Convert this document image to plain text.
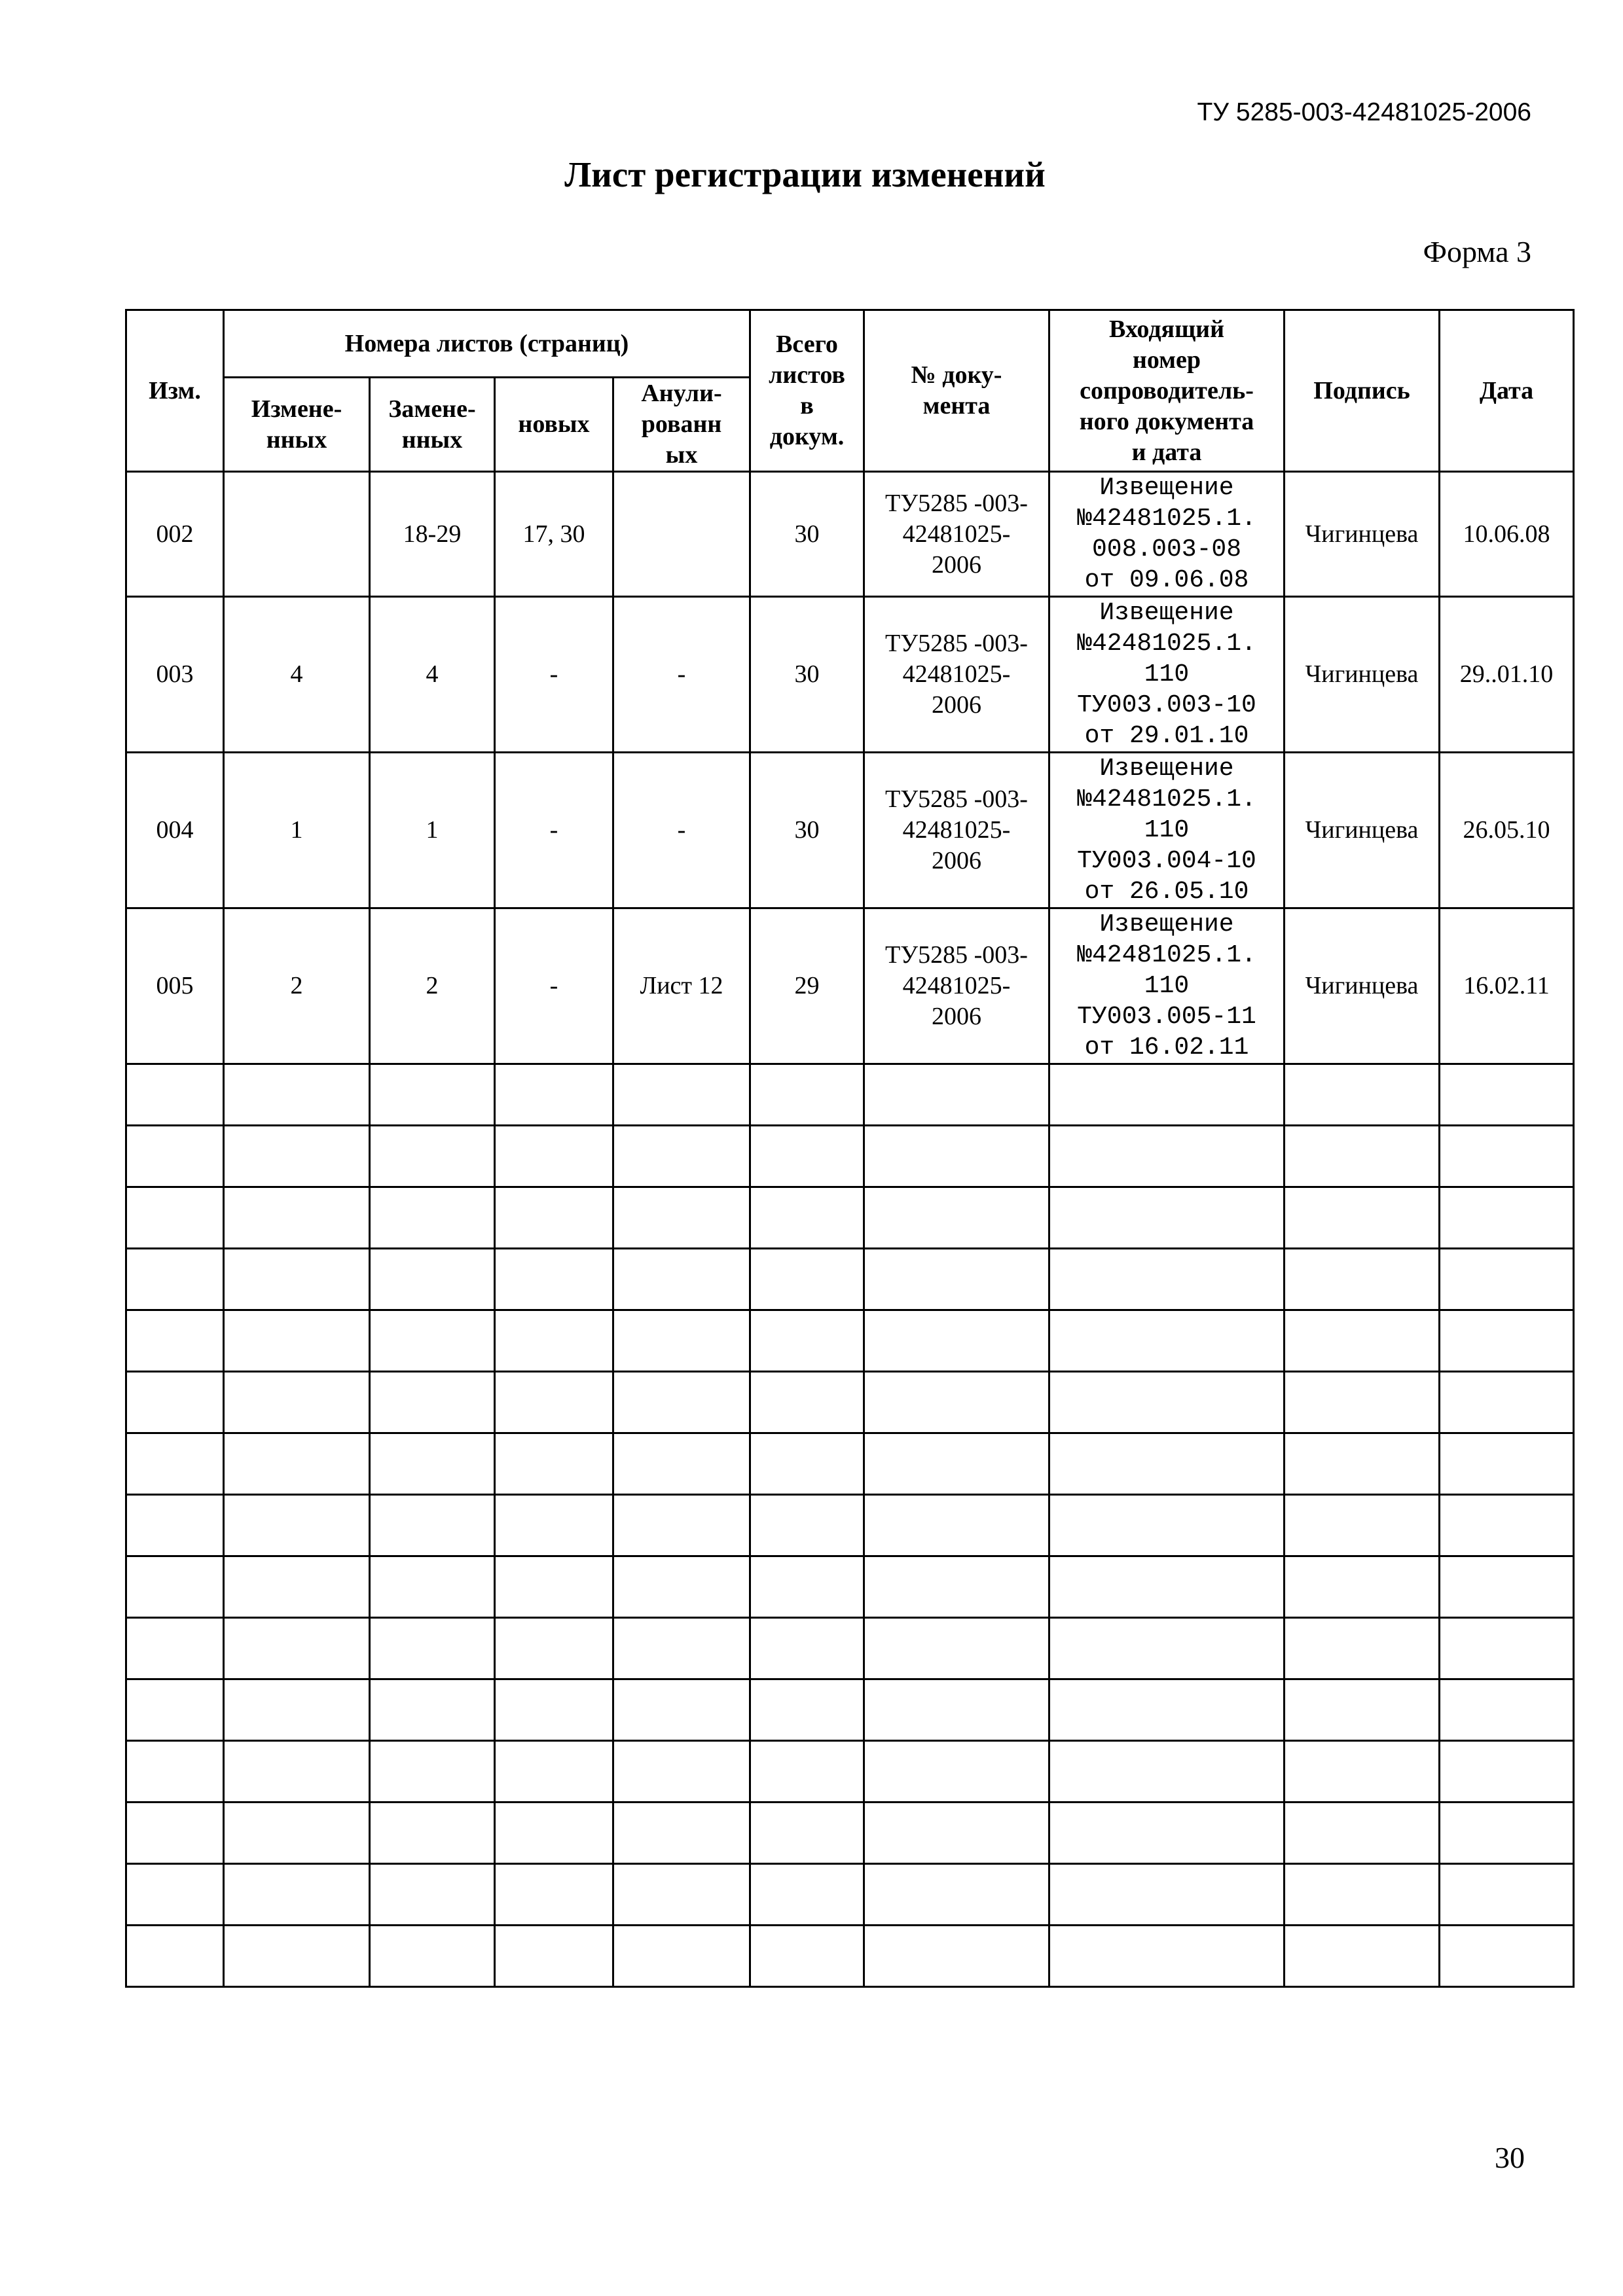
ТУ 5285-003-42481025-2006
Лист регистрации изменений
Форма 3
Изм.	Номера листов (страниц)				Всего
листов
в
докум.	№ доку-
мента	Входящий
номер
сопроводитель-
ного документа
и дата	Подпись	Дата
	Измене-
нных	Замене-
нных	новых	Анули-
рованн
ых					
002		18-29	17, 30		30	ТУ5285 -003-
42481025-
2006	Извещение
№42481025.1.
008.003-08
от 09.06.08	Чигинцева	10.06.08
003	4	4	-	-	30	ТУ5285 -003-
42481025-
2006	Извещение
№42481025.1.
110
ТУ003.003-10
от 29.01.10	Чигинцева	29..01.10
004	1	1	-	-	30	ТУ5285 -003-
42481025-
2006	Извещение
№42481025.1.
110
ТУ003.004-10
от 26.05.10	Чигинцева	26.05.10
005	2	2	-	Лист 12	29	ТУ5285 -003-
42481025-
2006	Извещение
№42481025.1.
110
ТУ003.005-11
от 16.02.11	Чигинцева	16.02.11

30
